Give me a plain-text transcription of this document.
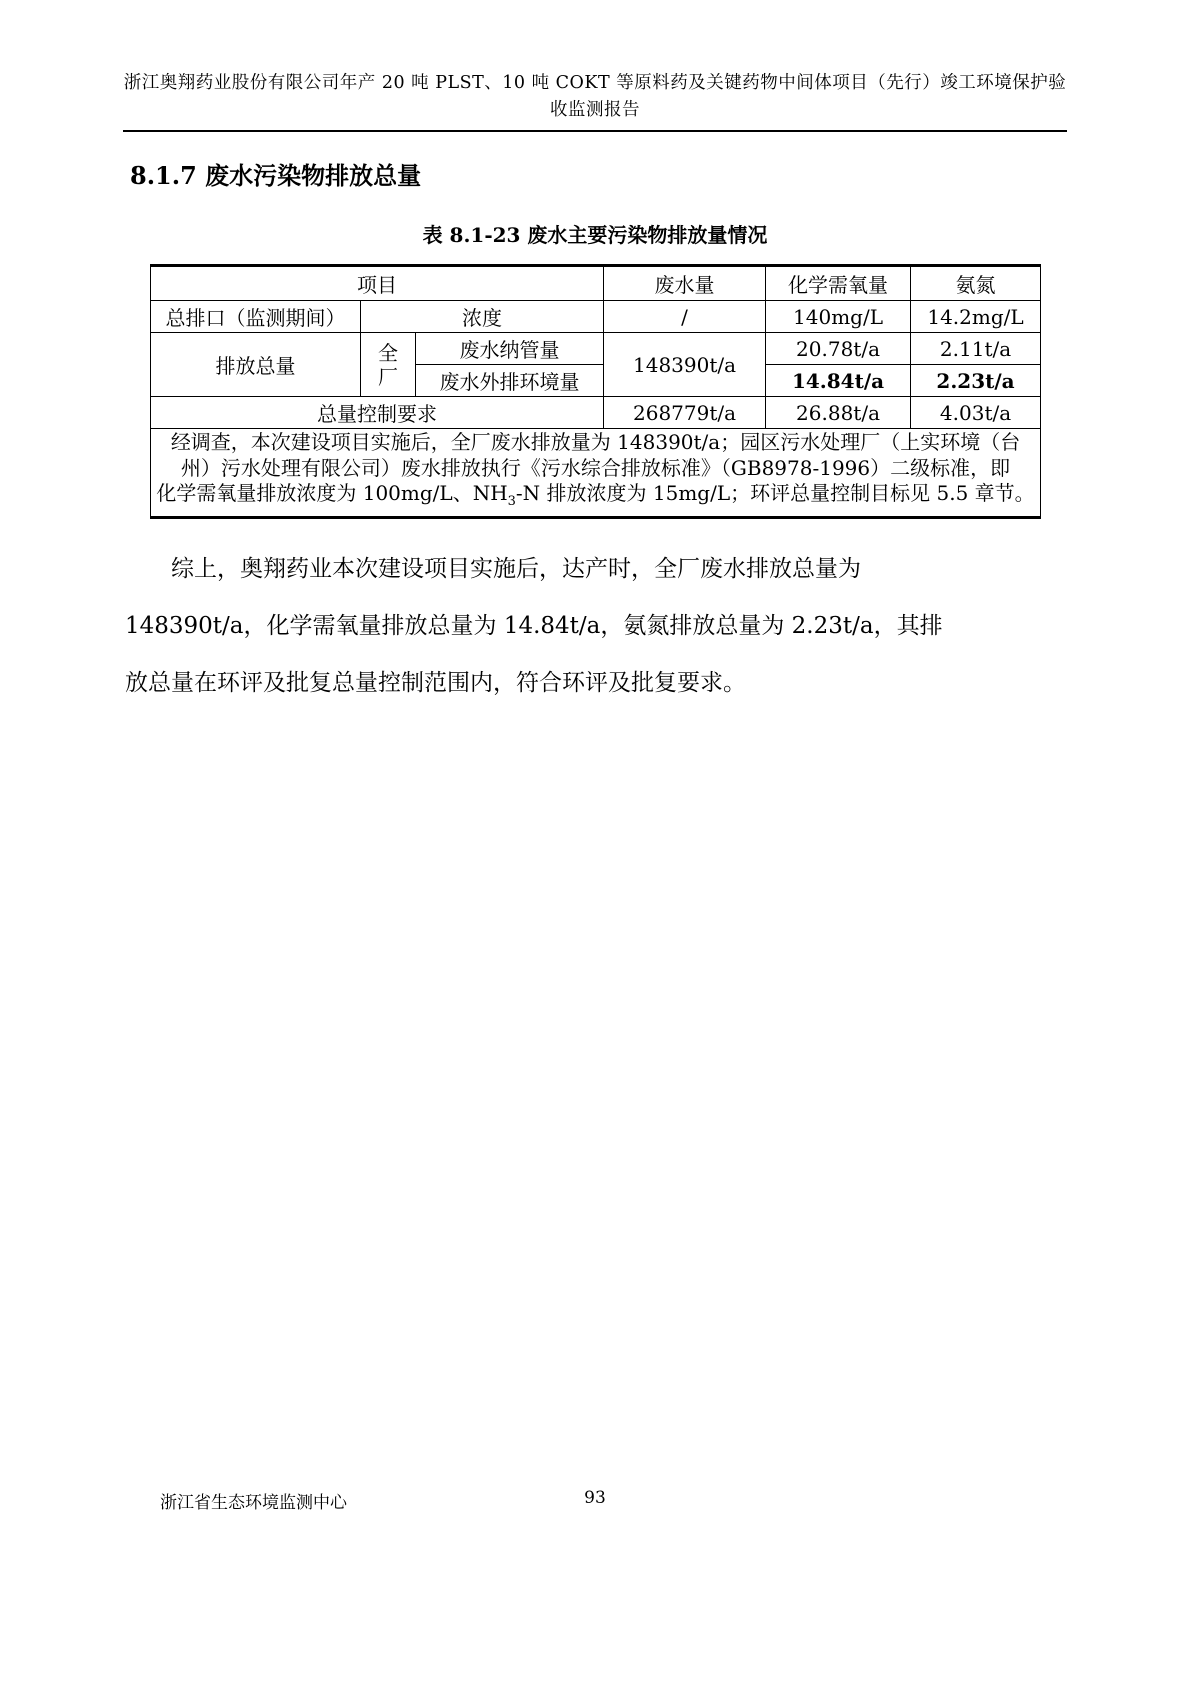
浙江奥翔药业股份有限公司年产 20 吨 PLST、10 吨 COKT 等原料药及关键药物中间体项目（先行）竣工环境保护验
收监测报告
8.1.7 废水污染物排放总量
表 8.1-23 废水主要污染物排放量情况
项目			废水量	化学需氧量	氨氮
总排口（监测期间）	浓度		/	140mg/L	14.2mg/L
排放总量	全厂	废水纳管量	148390t/a	20.78t/a	2.11t/a
		废水外排环境量		14.84t/a	2.23t/a
总量控制要求			268779t/a	26.88t/a	4.03t/a

经调查，本次建设项目实施后，全厂废水排放量为 148390t/a；园区污水处理厂（上实环境（台
州）污水处理有限公司）废水排放执行《污水综合排放标准》（GB8978-1996）二级标准，即
化学需氧量排放浓度为 100mg/L、$NH_3-N$ 排放浓度为 15mg/L；环评总量控制目标见 5.5 章节。					
综上，奥翔药业本次建设项目实施后，达产时，全厂废水排放总量为
148390t/a，化学需氧量排放总量为 14.84t/a，氨氮排放总量为 2.23t/a，其排
放总量在环评及批复总量控制范围内，符合环评及批复要求。
浙江省生态环境监测中心	93
